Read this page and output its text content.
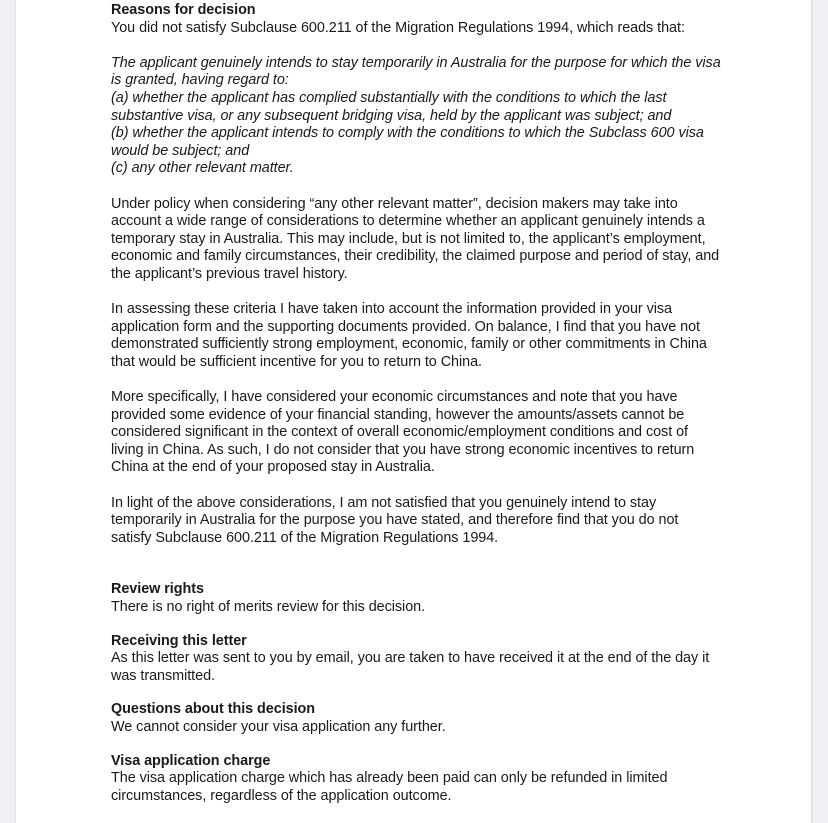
Reasons for decision

You did not satisfy Subclause 600.211 of the Migration Regulations 1994, which reads that:

The applicant genuinely intends to stay temporarily in Australia for the purpose for which the visa is granted, having regard to:

(a) whether the applicant has complied substantially with the conditions to which the last substantive visa, or any subsequent bridging visa, held by the applicant was subject; and

(b) whether the applicant intends to comply with the conditions to which the Subclass 600 visa would be subject; and

(c) any other relevant matter.

Under policy when considering “any other relevant matter”, decision makers may take into account a wide range of considerations to determine whether an applicant genuinely intends a temporary stay in Australia. This may include, but is not limited to, the applicant’s employment, economic and family circumstances, their credibility, the claimed purpose and period of stay, and the applicant’s previous travel history.

In assessing these criteria I have taken into account the information provided in your visa application form and the supporting documents provided. On balance, I find that you have not demonstrated sufficiently strong employment, economic, family or other commitments in China that would be sufficient incentive for you to return to China.

More specifically, I have considered your economic circumstances and note that you have provided some evidence of your financial standing, however the amounts/assets cannot be considered significant in the context of overall economic/employment conditions and cost of living in China. As such, I do not consider that you have strong economic incentives to return China at the end of your proposed stay in Australia.

In light of the above considerations, I am not satisfied that you genuinely intend to stay temporarily in Australia for the purpose you have stated, and therefore find that you do not satisfy Subclause 600.211 of the Migration Regulations 1994.

Review rights

There is no right of merits review for this decision.

Receiving this letter

As this letter was sent to you by email, you are taken to have received it at the end of the day it was transmitted.

Questions about this decision

We cannot consider your visa application any further.

Visa application charge

The visa application charge which has already been paid can only be refunded in limited circumstances, regardless of the application outcome.
